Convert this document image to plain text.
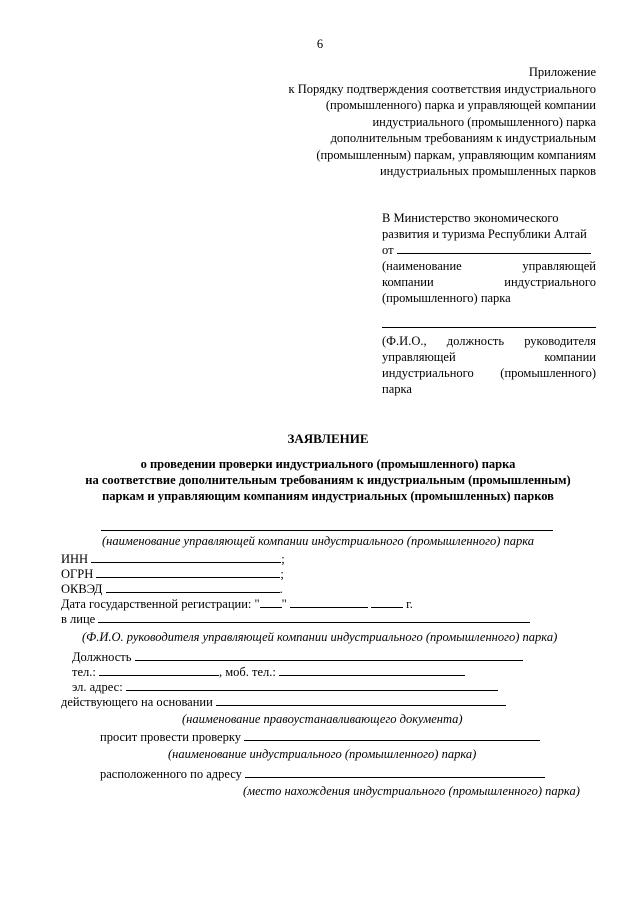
6
Приложение
к Порядку подтверждения соответствия индустриального
(промышленного) парка и управляющей компании
индустриального (промышленного) парка
дополнительным требованиям к индустриальным
(промышленным) паркам, управляющим компаниям
индустриальных промышленных парков
В Министерство экономического
развития и туризма Республики Алтай
от
(наименование управляющей
компании индустриального
(промышленного) парка
(Ф.И.О., должность руководителя
управляющей компании
индустриального (промышленного)
парка
ЗАЯВЛЕНИЕ
о проведении проверки индустриального (промышленного) парка
на соответствие дополнительным требованиям к индустриальным (промышленным)
паркам и управляющим компаниям индустриальных (промышленных) парков
(наименование управляющей компании индустриального (промышленного) парка
ИНН	;
ОГРН	;
ОКВЭД	.
Дата государственной регистрации: " "	г.
в лице
(Ф.И.О. руководителя управляющей компании индустриального (промышленного) парка)
Должность
тел.:	, моб. тел.:
эл. адрес:
действующего на основании
(наименование правоустанавливающего документа)
просит провести проверку
(наименование индустриального (промышленного) парка)
расположенного по адресу
(место нахождения индустриального (промышленного) парка)
